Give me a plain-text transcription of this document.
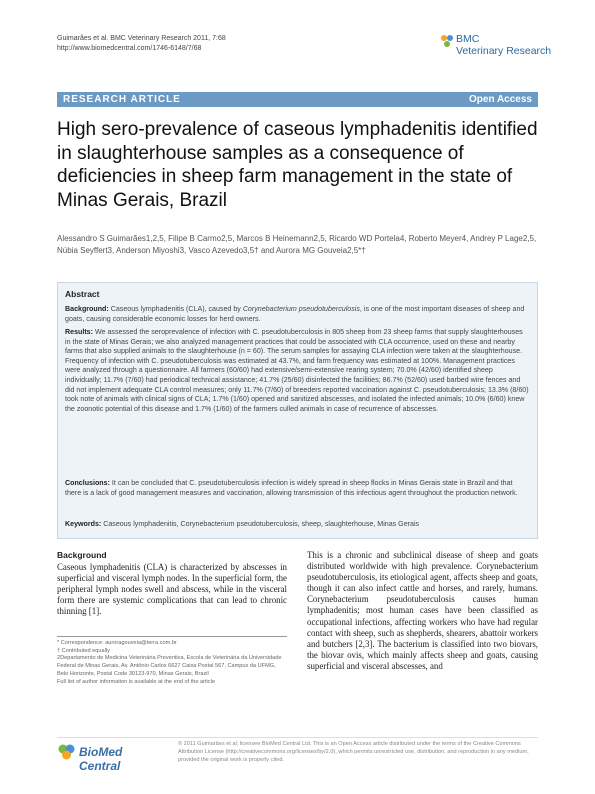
Guimarães et al. BMC Veterinary Research 2011, 7:68
http://www.biomedcentral.com/1746-6148/7/68
BMC
Veterinary Research
RESEARCH ARTICLE	Open Access
High sero-prevalence of caseous lymphadenitis identified in slaughterhouse samples as a consequence of deficiencies in sheep farm management in the state of Minas Gerais, Brazil
Alessandro S Guimarães1,2,5, Filipe B Carmo2,5, Marcos B Heinemann2,5, Ricardo WD Portela4, Roberto Meyer4, Andrey P Lage2,5, Núbia Seyffert3, Anderson Miyoshi3, Vasco Azevedo3,5† and Aurora MG Gouveia2,5*†
Abstract

Background: Caseous lymphadenitis (CLA), caused by Corynebacterium pseudotuberculosis, is one of the most important diseases of sheep and goats, causing considerable economic losses for herd owners.

Results: We assessed the seroprevalence of infection with C. pseudotuberculosis in 805 sheep from 23 sheep farms that supply slaughterhouses in the state of Minas Gerais; we also analyzed management practices that could be associated with CLA occurrence, used on these and nearby farms that also supplied animals to the slaughterhouse (n = 60). The serum samples for assaying CLA infection were taken at the slaughterhouse. Frequency of infection with C. pseudotuberculosis was estimated at 43.7%, and farm frequency was estimated at 100%. Management practices were analyzed through a questionnaire. All farmers (60/60) had extensive/semi-extensive rearing system; 70.0% (42/60) identified sheep individually; 11.7% (7/60) had periodical technical assistance; 41.7% (25/60) disinfected the facilities; 86.7% (52/60) used barbed wire fences and did not implement adequate CLA control measures; only 11.7% (7/60) of breeders reported vaccination against C. pseudotuberculosis; 13.3% (8/60) took note of animals with clinical signs of CLA; 1.7% (1/60) opened and sanitized abscesses, and isolated the infected animals; 10.0% (6/60) knew the zoonotic potential of this disease and 1.7% (1/60) of the farmers culled animals in case of recurrence of abscesses.

Conclusions: It can be concluded that C. pseudotuberculosis infection is widely spread in sheep flocks in Minas Gerais state in Brazil and that there is a lack of good management measures and vaccination, allowing transmission of this infectious agent throughout the production network.

Keywords: Caseous lymphadenitis, Corynebacterium pseudotuberculosis, sheep, slaughterhouse, Minas Gerais

Background

Caseous lymphadenitis (CLA) is characterized by abscesses in superficial and visceral lymph nodes. In the superficial form, the peripheral lymph nodes swell and abscess, while in the visceral form there are systemic complications that can lead to chronic thinning [1].

This is a chronic and subclinical disease of sheep and goats distributed worldwide with high prevalence. Corynebacterium pseudotuberculosis, its etiological agent, affects sheep and goats, though it can also infect cattle and horses, and rarely, humans. Corynebacterium pseudotuberculosis causes human lymphadenitis; most human cases have been classified as occupational infections, affecting workers who have had regular contact with sheep, such as shepherds, shearers, abattoir workers and butchers [2,3]. The bacterium is classified into two biovars, the biovar ovis, which mainly affects sheep and goats, causing superficial and visceral abscesses, and

* Correspondence: auroragouveia@terra.com.br
† Contributed equally
2Departamento de Medicina Veterinária Preventiva, Escola de Veterinária da Universidade Federal de Minas Gerais, Av. Antônio Carlos 6627 Caixa Postal 567, Campus da UFMG, Belo Horizonte, Postal Code 30123-970, Minas Gerais, Brazil
Full list of author information is available at the end of the article
BioMed Central
© 2011 Guimarães et al; licensee BioMed Central Ltd. This is an Open Access article distributed under the terms of the Creative Commons Attribution License (http://creativecommons.org/licenses/by/2.0), which permits unrestricted use, distribution, and reproduction in any medium, provided the original work is properly cited.
